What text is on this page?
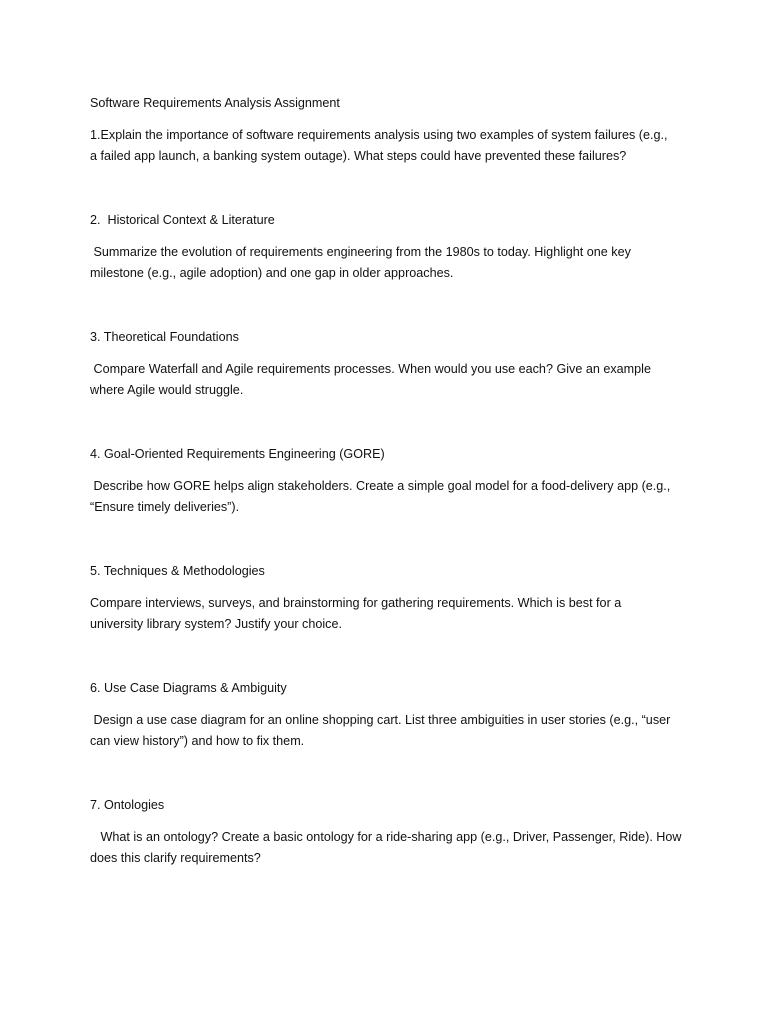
Software Requirements Analysis Assignment

1.Explain the importance of software requirements analysis using two examples of system failures (e.g.,

a failed app launch, a banking system outage). What steps could have prevented these failures?

2.  Historical Context & Literature

Summarize the evolution of requirements engineering from the 1980s to today. Highlight one key

milestone (e.g., agile adoption) and one gap in older approaches.

3. Theoretical Foundations

Compare Waterfall and Agile requirements processes. When would you use each? Give an example

where Agile would struggle.

4. Goal-Oriented Requirements Engineering (GORE)

Describe how GORE helps align stakeholders. Create a simple goal model for a food-delivery app (e.g.,

“Ensure timely deliveries”).

5. Techniques & Methodologies

Compare interviews, surveys, and brainstorming for gathering requirements. Which is best for a

university library system? Justify your choice.

6. Use Case Diagrams & Ambiguity

Design a use case diagram for an online shopping cart. List three ambiguities in user stories (e.g., “user

can view history”) and how to fix them.

7. Ontologies

What is an ontology? Create a basic ontology for a ride-sharing app (e.g., Driver, Passenger, Ride). How

does this clarify requirements?
